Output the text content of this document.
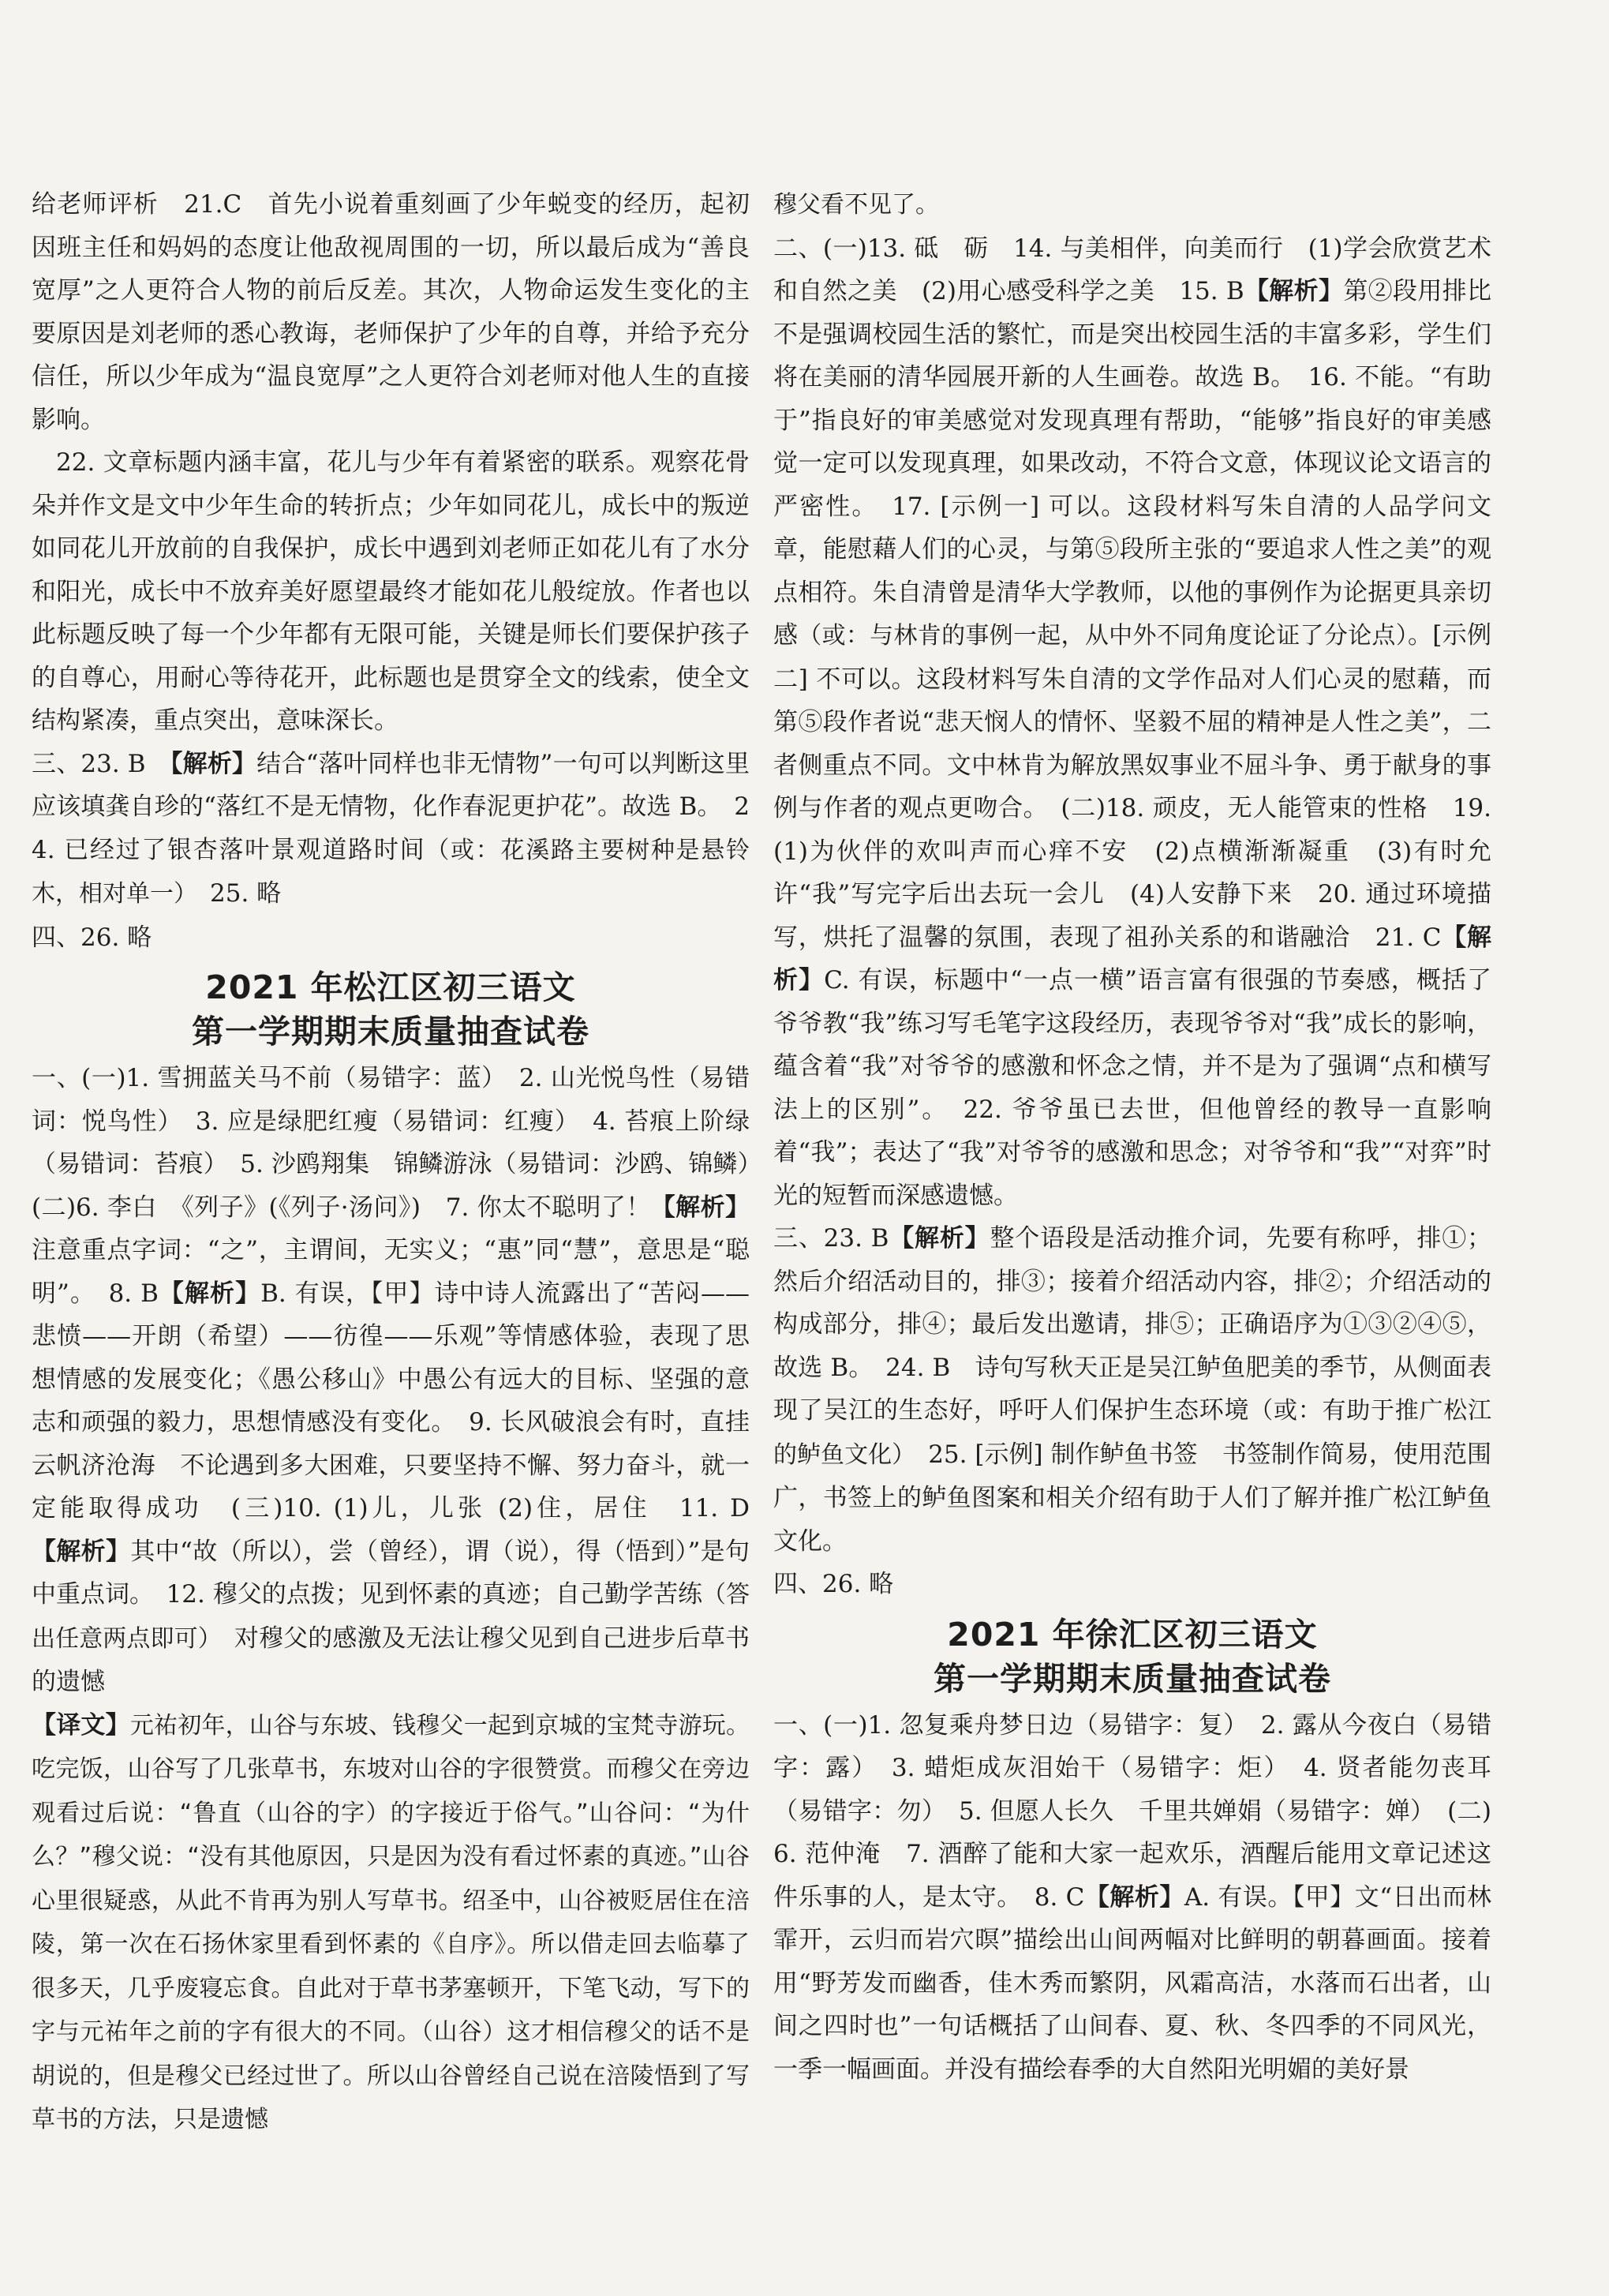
给老师评析　21.C　首先小说着重刻画了少年蜕变的经历，起初因班主任和妈妈的态度让他敌视周围的一切，所以最后成为“善良宽厚”之人更符合人物的前后反差。其次，人物命运发生变化的主要原因是刘老师的悉心教诲，老师保护了少年的自尊，并给予充分信任，所以少年成为“温良宽厚”之人更符合刘老师对他人生的直接影响。

22. 文章标题内涵丰富，花儿与少年有着紧密的联系。观察花骨朵并作文是文中少年生命的转折点；少年如同花儿，成长中的叛逆如同花儿开放前的自我保护，成长中遇到刘老师正如花儿有了水分和阳光，成长中不放弃美好愿望最终才能如花儿般绽放。作者也以此标题反映了每一个少年都有无限可能，关键是师长们要保护孩子的自尊心，用耐心等待花开，此标题也是贯穿全文的线索，使全文结构紧凑，重点突出，意味深长。

三、23. B　【解析】结合“落叶同样也非无情物”一句可以判断这里应该填龚自珍的“落红不是无情物，化作春泥更护花”。故选 B。　24. 已经过了银杏落叶景观道路时间（或：花溪路主要树种是悬铃木，相对单一）　25. 略

四、26. 略

2021 年松江区初三语文
第一学期期末质量抽查试卷

一、(一)1. 雪拥蓝关马不前（易错字：蓝）　2. 山光悦鸟性（易错词：悦鸟性）　3. 应是绿肥红瘦（易错词：红瘦）　4. 苔痕上阶绿（易错词：苔痕）　5. 沙鸥翔集　锦鳞游泳（易错词：沙鸥、锦鳞）　(二)6. 李白　《列子》(《列子·汤问》)　7. 你太不聪明了！【解析】注意重点字词：“之”，主谓间，无实义；“惠”同“慧”，意思是“聪明”。　8. B【解析】B. 有误，【甲】诗中诗人流露出了“苦闷——悲愤——开朗（希望）——彷徨——乐观”等情感体验，表现了思想情感的发展变化；《愚公移山》中愚公有远大的目标、坚强的意志和顽强的毅力，思想情感没有变化。　9. 长风破浪会有时，直挂云帆济沧海　不论遇到多大困难，只要坚持不懈、努力奋斗，就一定能取得成功　(三)10. (1)儿，儿张 (2)住，居住　11. D【解析】其中“故（所以），尝（曾经），谓（说），得（悟到）”是句中重点词。　12. 穆父的点拨；见到怀素的真迹；自己勤学苦练（答出任意两点即可）　对穆父的感激及无法让穆父见到自己进步后草书的遗憾

【译文】元祐初年，山谷与东坡、钱穆父一起到京城的宝梵寺游玩。吃完饭，山谷写了几张草书，东坡对山谷的字很赞赏。而穆父在旁边观看过后说：“鲁直（山谷的字）的字接近于俗气。”山谷问：“为什么？”穆父说：“没有其他原因，只是因为没有看过怀素的真迹。”山谷心里很疑惑，从此不肯再为别人写草书。绍圣中，山谷被贬居住在涪陵，第一次在石扬休家里看到怀素的《自序》。所以借走回去临摹了很多天，几乎废寝忘食。自此对于草书茅塞顿开，下笔飞动，写下的字与元祐年之前的字有很大的不同。（山谷）这才相信穆父的话不是胡说的，但是穆父已经过世了。所以山谷曾经自己说在涪陵悟到了写草书的方法，只是遗憾

穆父看不见了。

二、(一)13. 砥　砺　14. 与美相伴，向美而行　(1)学会欣赏艺术和自然之美　(2)用心感受科学之美　15. B【解析】第②段用排比不是强调校园生活的繁忙，而是突出校园生活的丰富多彩，学生们将在美丽的清华园展开新的人生画卷。故选 B。　16. 不能。“有助于”指良好的审美感觉对发现真理有帮助，“能够”指良好的审美感觉一定可以发现真理，如果改动，不符合文意，体现议论文语言的严密性。　17. [示例一] 可以。这段材料写朱自清的人品学问文章，能慰藉人们的心灵，与第⑤段所主张的“要追求人性之美”的观点相符。朱自清曾是清华大学教师，以他的事例作为论据更具亲切感（或：与林肯的事例一起，从中外不同角度论证了分论点）。[示例二] 不可以。这段材料写朱自清的文学作品对人们心灵的慰藉，而第⑤段作者说“悲天悯人的情怀、坚毅不屈的精神是人性之美”，二者侧重点不同。文中林肯为解放黑奴事业不屈斗争、勇于献身的事例与作者的观点更吻合。　(二)18. 顽皮，无人能管束的性格　19. (1)为伙伴的欢叫声而心痒不安　(2)点横渐渐凝重　(3)有时允许“我”写完字后出去玩一会儿　(4)人安静下来　20. 通过环境描写，烘托了温馨的氛围，表现了祖孙关系的和谐融洽　21. C【解析】C. 有误，标题中“一点一横”语言富有很强的节奏感，概括了爷爷教“我”练习写毛笔字这段经历，表现爷爷对“我”成长的影响，蕴含着“我”对爷爷的感激和怀念之情，并不是为了强调“点和横写法上的区别”。　22. 爷爷虽已去世，但他曾经的教导一直影响着“我”；表达了“我”对爷爷的感激和思念；对爷爷和“我”“对弈”时光的短暂而深感遗憾。

三、23. B【解析】整个语段是活动推介词，先要有称呼，排①；然后介绍活动目的，排③；接着介绍活动内容，排②；介绍活动的构成部分，排④；最后发出邀请，排⑤；正确语序为①③②④⑤，故选 B。　24. B　诗句写秋天正是吴江鲈鱼肥美的季节，从侧面表现了吴江的生态好，呼吁人们保护生态环境（或：有助于推广松江的鲈鱼文化）　25. [示例] 制作鲈鱼书签　书签制作简易，使用范围广，书签上的鲈鱼图案和相关介绍有助于人们了解并推广松江鲈鱼文化。

四、26. 略

2021 年徐汇区初三语文
第一学期期末质量抽查试卷

一、(一)1. 忽复乘舟梦日边（易错字：复）　2. 露从今夜白（易错字：露）　3. 蜡炬成灰泪始干（易错字：炬）　4. 贤者能勿丧耳（易错字：勿）　5. 但愿人长久　千里共婵娟（易错字：婵）　(二)6. 范仲淹　7. 酒醉了能和大家一起欢乐，酒醒后能用文章记述这件乐事的人，是太守。　8. C【解析】A. 有误。【甲】文“日出而林霏开，云归而岩穴暝”描绘出山间两幅对比鲜明的朝暮画面。接着用“野芳发而幽香，佳木秀而繁阴，风霜高洁，水落而石出者，山间之四时也”一句话概括了山间春、夏、秋、冬四季的不同风光，一季一幅画面。并没有描绘春季的大自然阳光明媚的美好景
